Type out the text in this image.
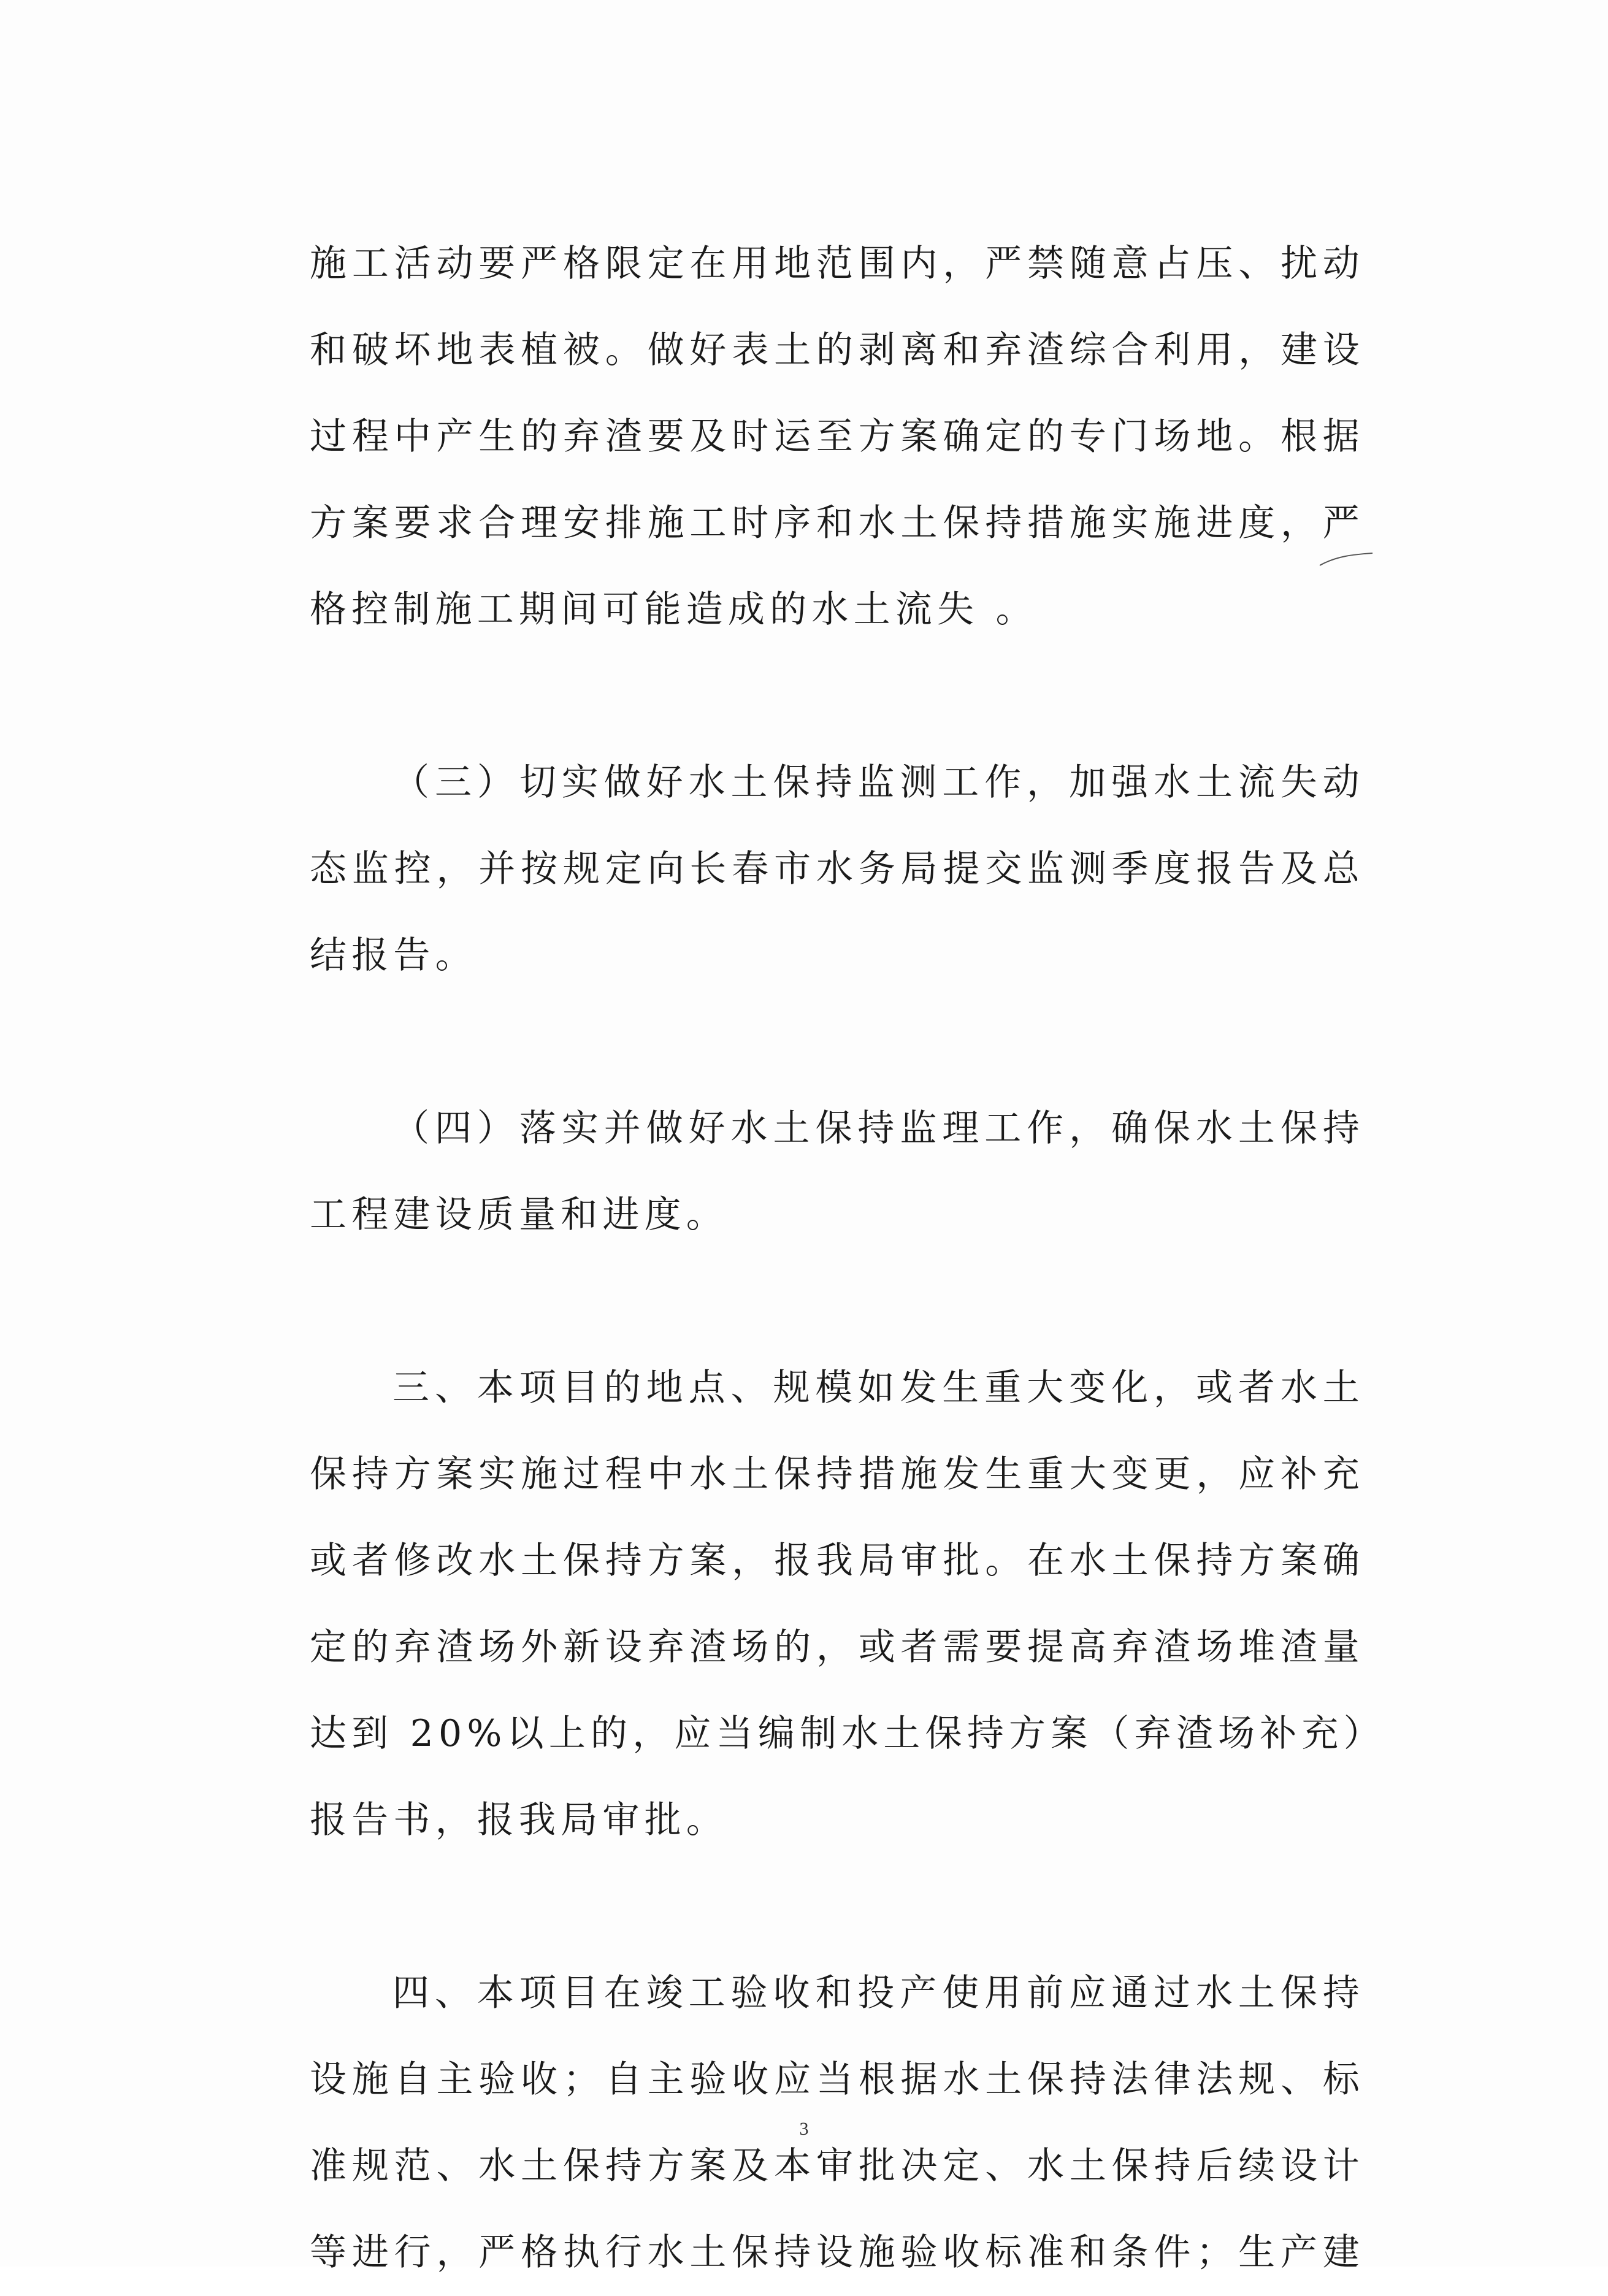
施工活动要严格限定在用地范围内，严禁随意占压、扰动
和破坏地表植被。做好表土的剥离和弃渣综合利用，建设
过程中产生的弃渣要及时运至方案确定的专门场地。根据
方案要求合理安排施工时序和水土保持措施实施进度，严
格控制施工期间可能造成的水土流失 。
（三）切实做好水土保持监测工作，加强水土流失动
态监控，并按规定向长春市水务局提交监测季度报告及总
结报告。
（四）落实并做好水土保持监理工作，确保水土保持
工程建设质量和进度。
三、本项目的地点、规模如发生重大变化，或者水土
保持方案实施过程中水土保持措施发生重大变更，应补充
或者修改水土保持方案，报我局审批。在水土保持方案确
定的弃渣场外新设弃渣场的，或者需要提高弃渣场堆渣量
达到 20%以上的，应当编制水土保持方案（弃渣场补充）
报告书，报我局审批。
四、本项目在竣工验收和投产使用前应通过水土保持
设施自主验收；自主验收应当根据水土保持法律法规、标
准规范、水土保持方案及本审批决定、水土保持后续设计
等进行，严格执行水土保持设施验收标准和条件；生产建
3
